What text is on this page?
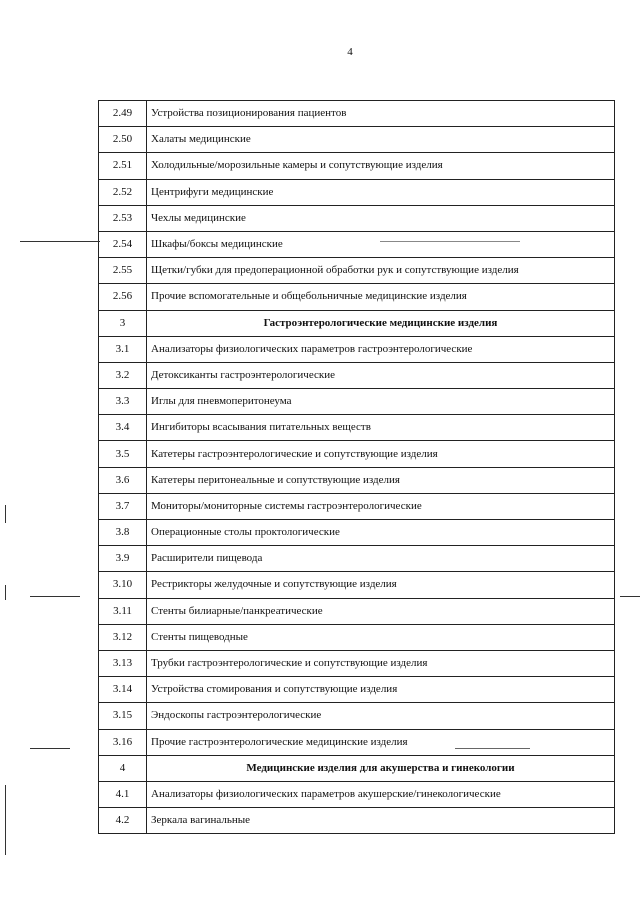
4
2.49	Устройства позиционирования пациентов
2.50	Халаты медицинские
2.51	Холодильные/морозильные камеры и сопутствующие изделия
2.52	Центрифуги медицинские
2.53	Чехлы медицинские
2.54	Шкафы/боксы медицинские
2.55	Щетки/губки для предоперационной обработки рук и сопутствующие изделия
2.56	Прочие вспомогательные и общебольничные медицинские изделия
3	Гастроэнтерологические медицинские изделия
3.1	Анализаторы физиологических параметров гастроэнтерологические
3.2	Детоксиканты гастроэнтерологические
3.3	Иглы для пневмоперитонеума
3.4	Ингибиторы всасывания питательных веществ
3.5	Катетеры гастроэнтерологические и сопутствующие изделия
3.6	Катетеры перитонеальные и сопутствующие изделия
3.7	Мониторы/мониторные системы гастроэнтерологические
3.8	Операционные столы проктологические
3.9	Расширители пищевода
3.10	Рестрикторы желудочные и сопутствующие изделия
3.11	Стенты билиарные/панкреатические
3.12	Стенты пищеводные
3.13	Трубки гастроэнтерологические и сопутствующие изделия
3.14	Устройства стомирования и сопутствующие изделия
3.15	Эндоскопы гастроэнтерологические
3.16	Прочие гастроэнтерологические медицинские изделия
4	Медицинские изделия для акушерства и гинекологии
4.1	Анализаторы физиологических параметров акушерские/гинекологические
4.2	Зеркала вагинальные
